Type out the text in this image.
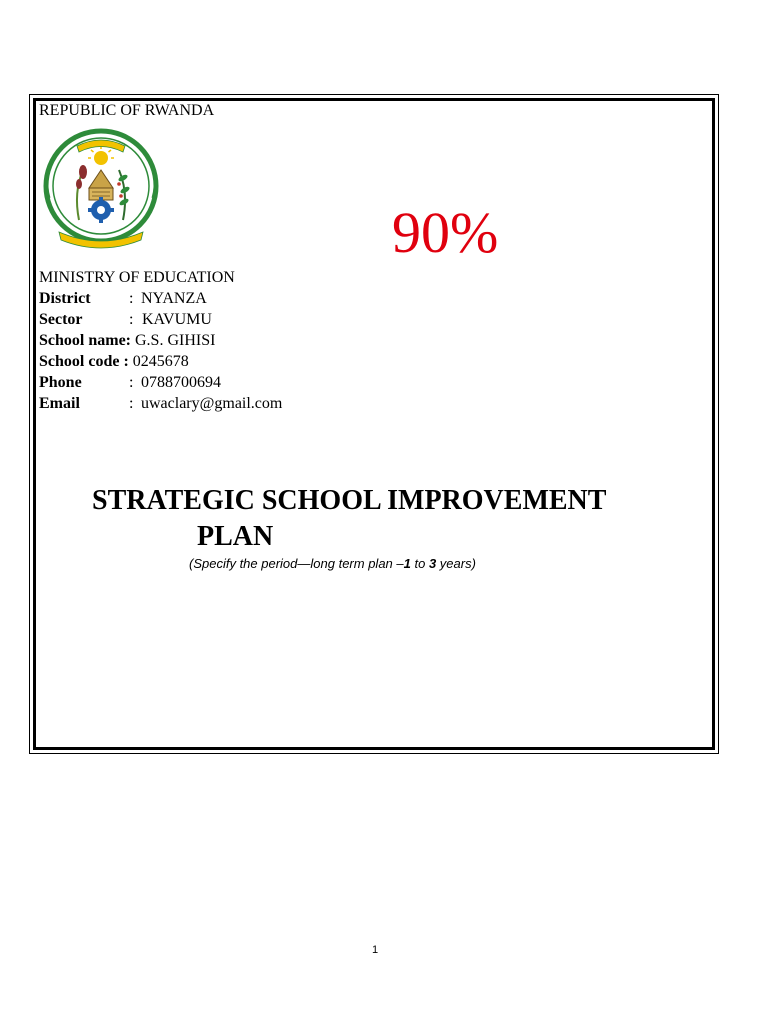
REPUBLIC OF RWANDA
90%
MINISTRY OF EDUCATION
District	: NYANZA
Sector	: KAVUMU
School name: G.S. GIHISI
School code : 0245678
Phone	: 0788700694
Email	: uwaclary@gmail.com
STRATEGIC SCHOOL IMPROVEMENT
PLAN
(Specify the period—long term plan –1 to 3 years)
1
